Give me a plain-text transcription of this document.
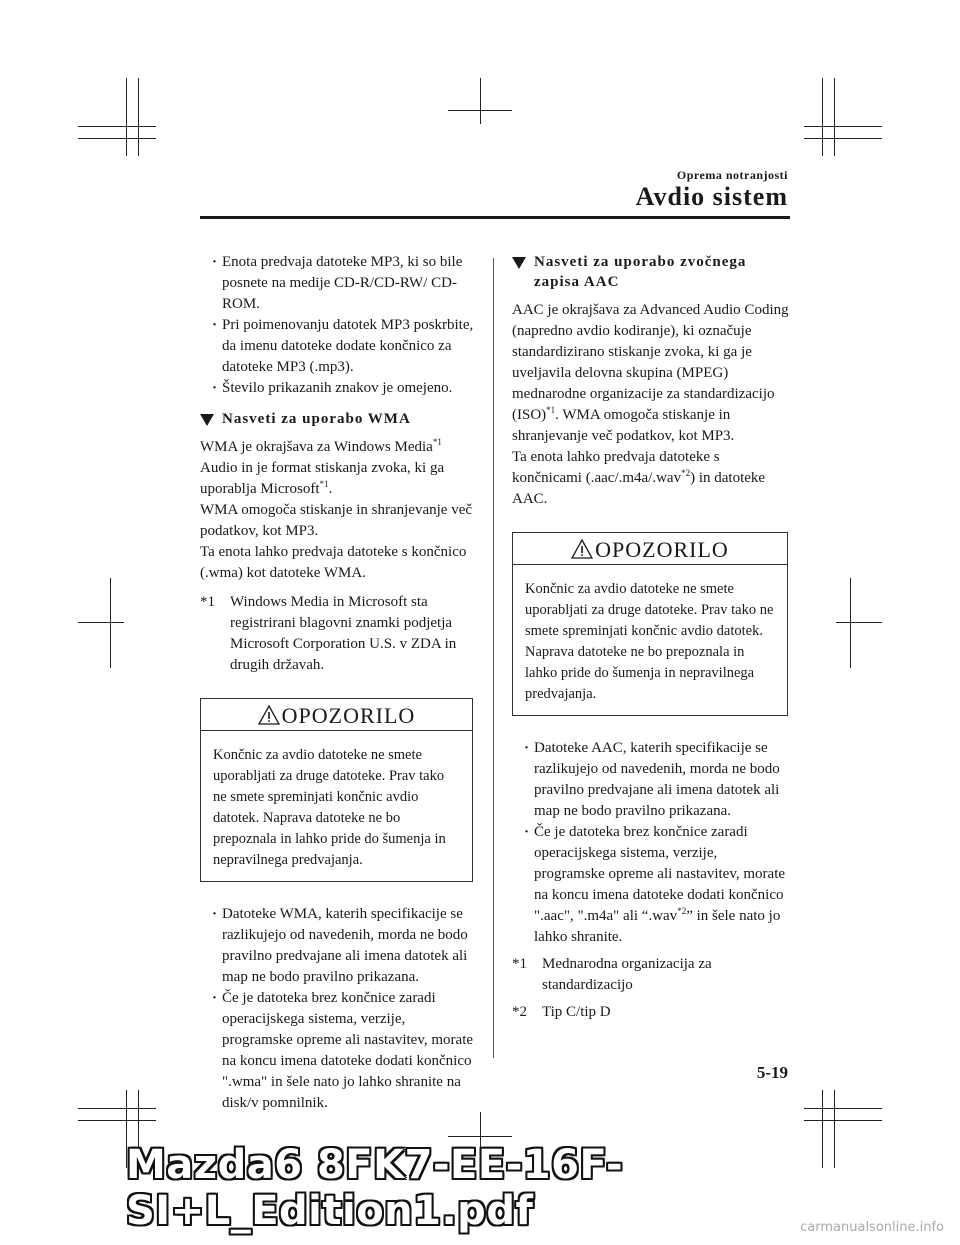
Oprema notranjosti
Avdio sistem
· Enota predvaja datoteke MP3, ki so bile posnete na medije CD-R/CD-RW/ CD-ROM.
· Pri poimenovanju datotek MP3 poskrbite, da imenu datoteke dodate končnico za datoteke MP3 (.mp3).
· Število prikazanih znakov je omejeno.
Nasveti za uporabo WMA
WMA je okrajšava za Windows Media$^{*1}$ Audio in je format stiskanja zvoka, ki ga uporablja Microsoft$^{*1}$.
WMA omogoča stiskanje in shranjevanje več podatkov, kot MP3.
Ta enota lahko predvaja datoteke s končnico (.wma) kot datoteke WMA.
*1 Windows Media in Microsoft sta registrirani blagovni znamki podjetja Microsoft Corporation U.S. v ZDA in drugih državah.
OPOZORILO
Končnic za avdio datoteke ne smete uporabljati za druge datoteke. Prav tako ne smete spreminjati končnic avdio datotek. Naprava datoteke ne bo prepoznala in lahko pride do šumenja in nepravilnega predvajanja.
· Datoteke WMA, katerih specifikacije se razlikujejo od navedenih, morda ne bodo pravilno predvajane ali imena datotek ali map ne bodo pravilno prikazana.
· Če je datoteka brez končnice zaradi operacijskega sistema, verzije, programske opreme ali nastavitev, morate na koncu imena datoteke dodati končnico ".wma" in šele nato jo lahko shranite na disk/v pomnilnik.
Nasveti za uporabo zvočnega zapisa AAC
AAC je okrajšava za Advanced Audio Coding (napredno avdio kodiranje), ki označuje standardizirano stiskanje zvoka, ki ga je uveljavila delovna skupina (MPEG) mednarodne organizacije za standardizacijo (ISO)$^{*1}$. WMA omogoča stiskanje in shranjevanje več podatkov, kot MP3.
Ta enota lahko predvaja datoteke s končnicami (.aac/.m4a/.wav$^{*2}$) in datoteke AAC.
OPOZORILO
Končnic za avdio datoteke ne smete uporabljati za druge datoteke. Prav tako ne smete spreminjati končnic avdio datotek. Naprava datoteke ne bo prepoznala in lahko pride do šumenja in nepravilnega predvajanja.
· Datoteke AAC, katerih specifikacije se razlikujejo od navedenih, morda ne bodo pravilno predvajane ali imena datotek ali map ne bodo pravilno prikazana.
· Če je datoteka brez končnice zaradi operacijskega sistema, verzije, programske opreme ali nastavitev, morate na koncu imena datoteke dodati končnico ".aac", ".m4a" ali “.wav$^{*2}$” in šele nato jo lahko shranite.
*1 Mednarodna organizacija za standardizacijo
*2 Tip C/tip D
5-19
Mazda6 8FK7-EE-16F-SI+L_Edition1.pdf	carmanualsonline.info
